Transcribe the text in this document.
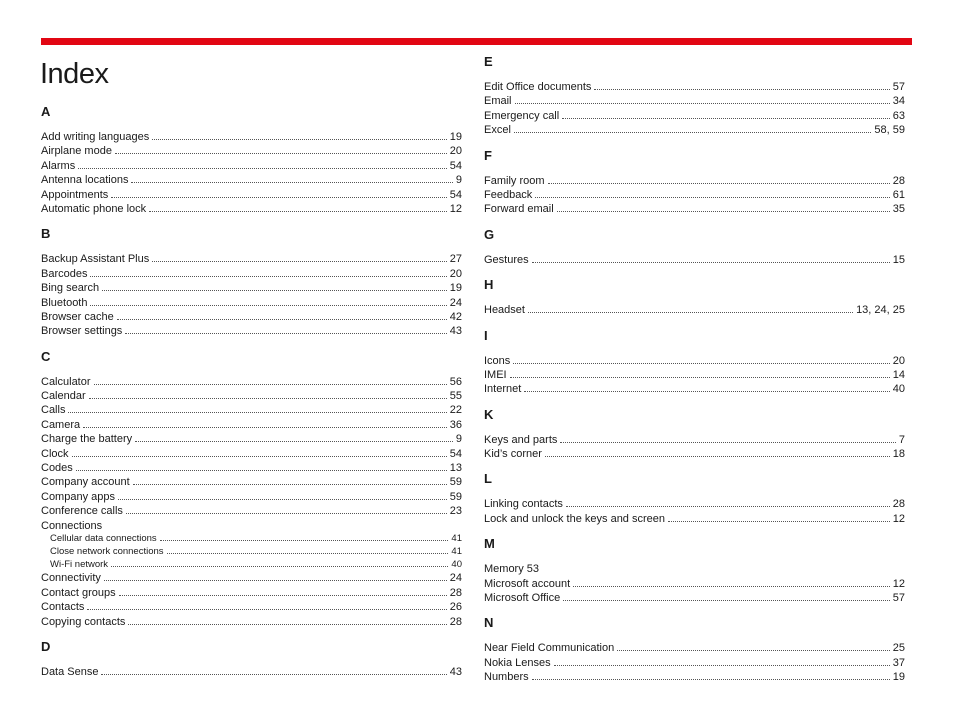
Index
A
Add writing languages	19
Airplane mode	20
Alarms	54
Antenna locations	9
Appointments	54
Automatic phone lock	12
B
Backup Assistant Plus	27
Barcodes	20
Bing search	19
Bluetooth	24
Browser cache	42
Browser settings	43
C
Calculator	56
Calendar	55
Calls	22
Camera	36
Charge the battery	9
Clock	54
Codes	13
Company account	59
Company apps	59
Conference calls	23
Connections
Cellular data connections	41
Close network connections	41
Wi-Fi network	40
Connectivity	24
Contact groups	28
Contacts	26
Copying contacts	28
D
Data Sense	43
E
Edit Office documents	57
Email	34
Emergency call	63
Excel	58, 59
F
Family room	28
Feedback	61
Forward email	35
G
Gestures	15
H
Headset	13, 24, 25
I
Icons	20
IMEI	14
Internet	40
K
Keys and parts	7
Kid’s corner	18
L
Linking contacts	28
Lock and unlock the keys and screen	12
M
Memory 53
Microsoft account	12
Microsoft Office	57
N
Near Field Communication	25
Nokia Lenses	37
Numbers	19
